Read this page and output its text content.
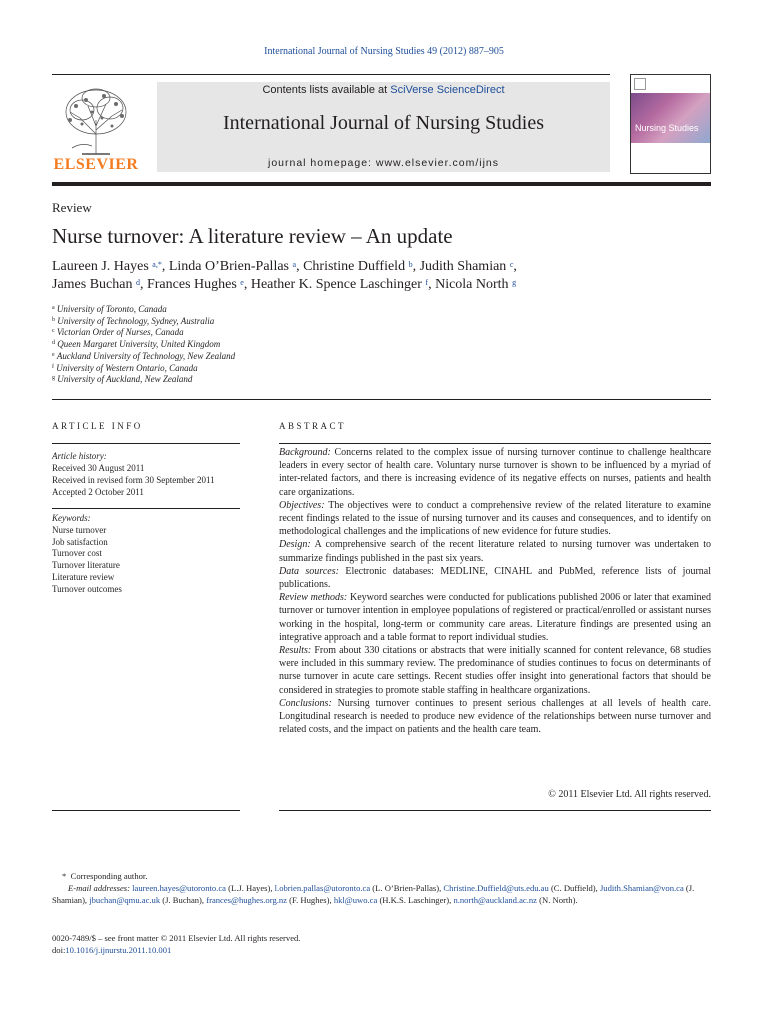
International Journal of Nursing Studies 49 (2012) 887–905
ELSEVIER
Contents lists available at SciVerse ScienceDirect
International Journal of Nursing Studies
journal homepage: www.elsevier.com/ijns
Nursing Studies
Review
Nurse turnover: A literature review – An update
Laureen J. Hayes $^{a,*}$, Linda O’Brien-Pallas $^a$, Christine Duffield $^b$, Judith Shamian $^c$,
James Buchan $^d$, Frances Hughes $^e$, Heather K. Spence Laschinger $^f$, Nicola North $^g$
$^a$ University of Toronto, Canada
$^b$ University of Technology, Sydney, Australia
$^c$ Victorian Order of Nurses, Canada
$^d$ Queen Margaret University, United Kingdom
$^e$ Auckland University of Technology, New Zealand
$^f$ University of Western Ontario, Canada
$^g$ University of Auckland, New Zealand
ARTICLE INFO
Article history:
Received 30 August 2011
Received in revised form 30 September 2011
Accepted 2 October 2011
Keywords:
Nurse turnover
Job satisfaction
Turnover cost
Turnover literature
Literature review
Turnover outcomes
ABSTRACT

Background: Concerns related to the complex issue of nursing turnover continue to challenge healthcare leaders in every sector of health care. Voluntary nurse turnover is shown to be influenced by a myriad of inter-related factors, and there is increasing evidence of its negative effects on nurses, patients and health care organizations.

Objectives: The objectives were to conduct a comprehensive review of the related literature to examine recent findings related to the issue of nursing turnover and its causes and consequences, and to identify on methodological challenges and the implications of new evidence for future studies.

Design: A comprehensive search of the recent literature related to nursing turnover was undertaken to summarize findings published in the past six years.

Data sources: Electronic databases: MEDLINE, CINAHL and PubMed, reference lists of journal publications.

Review methods: Keyword searches were conducted for publications published 2006 or later that examined turnover or turnover intention in employee populations of registered or practical/enrolled or assistant nurses working in the hospital, long-term or community care areas. Literature findings are presented using an integrative approach and a table format to report individual studies.

Results: From about 330 citations or abstracts that were initially scanned for content relevance, 68 studies were included in this summary review. The predominance of studies continues to focus on determinants of nurse turnover in acute care settings. Recent studies offer insight into generational factors that should be considered in strategies to promote stable staffing in healthcare organizations.

Conclusions: Nursing turnover continues to present serious challenges at all levels of health care. Longitudinal research is needed to produce new evidence of the relationships between nurse turnover and related costs, and the impact on patients and the health care team.

© 2011 Elsevier Ltd. All rights reserved.
* Corresponding author.
E-mail addresses: laureen.hayes@utoronto.ca (L.J. Hayes), l.obrien.pallas@utoronto.ca (L. O’Brien-Pallas), Christine.Duffield@uts.edu.au (C. Duffield), Judith.Shamian@von.ca (J. Shamian), jbuchan@qmu.ac.uk (J. Buchan), frances@hughes.org.nz (F. Hughes), hkl@uwo.ca (H.K.S. Laschinger), n.north@auckland.ac.nz (N. North).
0020-7489/$ – see front matter © 2011 Elsevier Ltd. All rights reserved.
doi:10.1016/j.ijnurstu.2011.10.001
